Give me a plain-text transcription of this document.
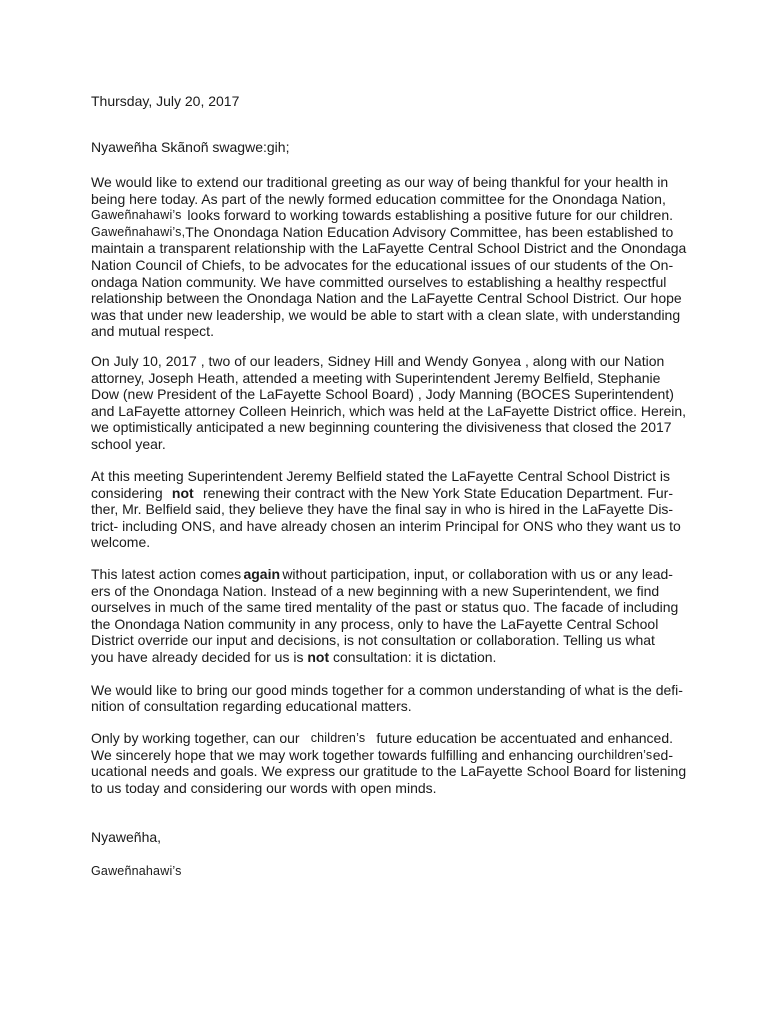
Thursday, July 20, 2017

Nyaweñha Skãnoñ swagwe:gih;

We would like to extend our traditional greeting as our way of being thankful for your health in

being here today. As part of the newly formed education committee for the Onondaga Nation,

Gaweñnahawi’s looks forward to working towards establishing a positive future for our children.

Gaweñnahawi’s, The Onondaga Nation Education Advisory Committee, has been established to

maintain a transparent relationship with the LaFayette Central School District and the Onondaga

Nation Council of Chiefs, to be advocates for the educational issues of our students of the On-

ondaga Nation community. We have committed ourselves to establishing a healthy respectful

relationship between the Onondaga Nation and the LaFayette Central School District. Our hope

was that under new leadership, we would be able to start with a clean slate, with understanding

and mutual respect.

On July 10, 2017 , two of our leaders, Sidney Hill and Wendy Gonyea , along with our Nation

attorney, Joseph Heath, attended a meeting with Superintendent Jeremy Belfield, Stephanie

Dow (new President of the LaFayette School Board) , Jody Manning (BOCES Superintendent)

and LaFayette attorney Colleen Heinrich, which was held at the LaFayette District office. Herein,

we optimistically anticipated a new beginning countering the divisiveness that closed the 2017

school year.

At this meeting Superintendent Jeremy Belfield stated the LaFayette Central School District is

considering not renewing their contract with the New York State Education Department. Fur-

ther, Mr. Belfield said, they believe they have the final say in who is hired in the LaFayette Dis-

trict- including ONS, and have already chosen an interim Principal for ONS who they want us to

welcome.

This latest action comes again without participation, input, or collaboration with us or any lead-

ers of the Onondaga Nation. Instead of a new beginning with a new Superintendent, we find

ourselves in much of the same tired mentality of the past or status quo. The facade of including

the Onondaga Nation community in any process, only to have the LaFayette Central School

District override our input and decisions, is not consultation or collaboration. Telling us what

you have already decided for us is not consultation: it is dictation.

We would like to bring our good minds together for a common understanding of what is the defi-

nition of consultation regarding educational matters.

Only by working together, can our children’s future education be accentuated and enhanced.

We sincerely hope that we may work together towards fulfilling and enhancing our children’s ed-

ucational needs and goals. We express our gratitude to the LaFayette School Board for listening

to us today and considering our words with open minds.

Nyaweñha,

Gaweñnahawi’s
